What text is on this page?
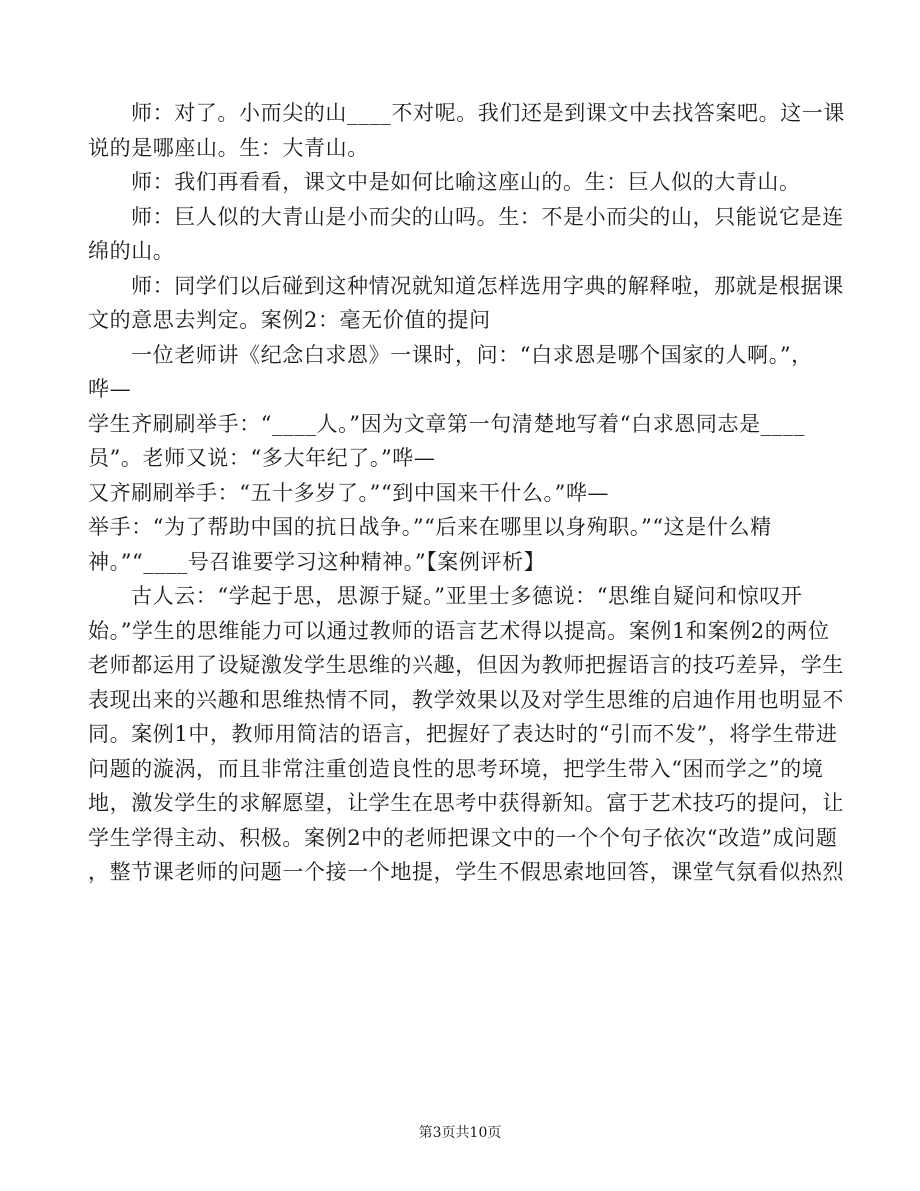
师：对了。小而尖的山____不对呢。我们还是到课文中去找答案吧。这一课
说的是哪座山。生：大青山。
师：我们再看看，课文中是如何比喻这座山的。生：巨人似的大青山。
师：巨人似的大青山是小而尖的山吗。生：不是小而尖的山，只能说它是连
绵的山。
师：同学们以后碰到这种情况就知道怎样选用字典的解释啦，那就是根据课
文的意思去判定。案例2：毫无价值的提问
一位老师讲《纪念白求恩》一课时，问：“白求恩是哪个国家的人啊。”，
哗—
学生齐刷刷举手：“____人。”因为文章第一句清楚地写着“白求恩同志是____
员”。老师又说：“多大年纪了。”哗—
又齐刷刷举手：“五十多岁了。”“到中国来干什么。”哗—
举手：“为了帮助中国的抗日战争。”“后来在哪里以身殉职。”“这是什么精
神。”“____号召谁要学习这种精神。”【案例评析】
古人云：“学起于思，思源于疑。”亚里士多德说：“思维自疑问和惊叹开
始。”学生的思维能力可以通过教师的语言艺术得以提高。案例1和案例2的两位
老师都运用了设疑激发学生思维的兴趣，但因为教师把握语言的技巧差异，学生
表现出来的兴趣和思维热情不同，教学效果以及对学生思维的启迪作用也明显不
同。案例1中，教师用简洁的语言，把握好了表达时的“引而不发”，将学生带进
问题的漩涡，而且非常注重创造良性的思考环境，把学生带入“困而学之”的境
地，激发学生的求解愿望，让学生在思考中获得新知。富于艺术技巧的提问，让
学生学得主动、积极。案例2中的老师把课文中的一个个句子依次“改造”成问题
，整节课老师的问题一个接一个地提，学生不假思索地回答，课堂气氛看似热烈
第3页共10页
